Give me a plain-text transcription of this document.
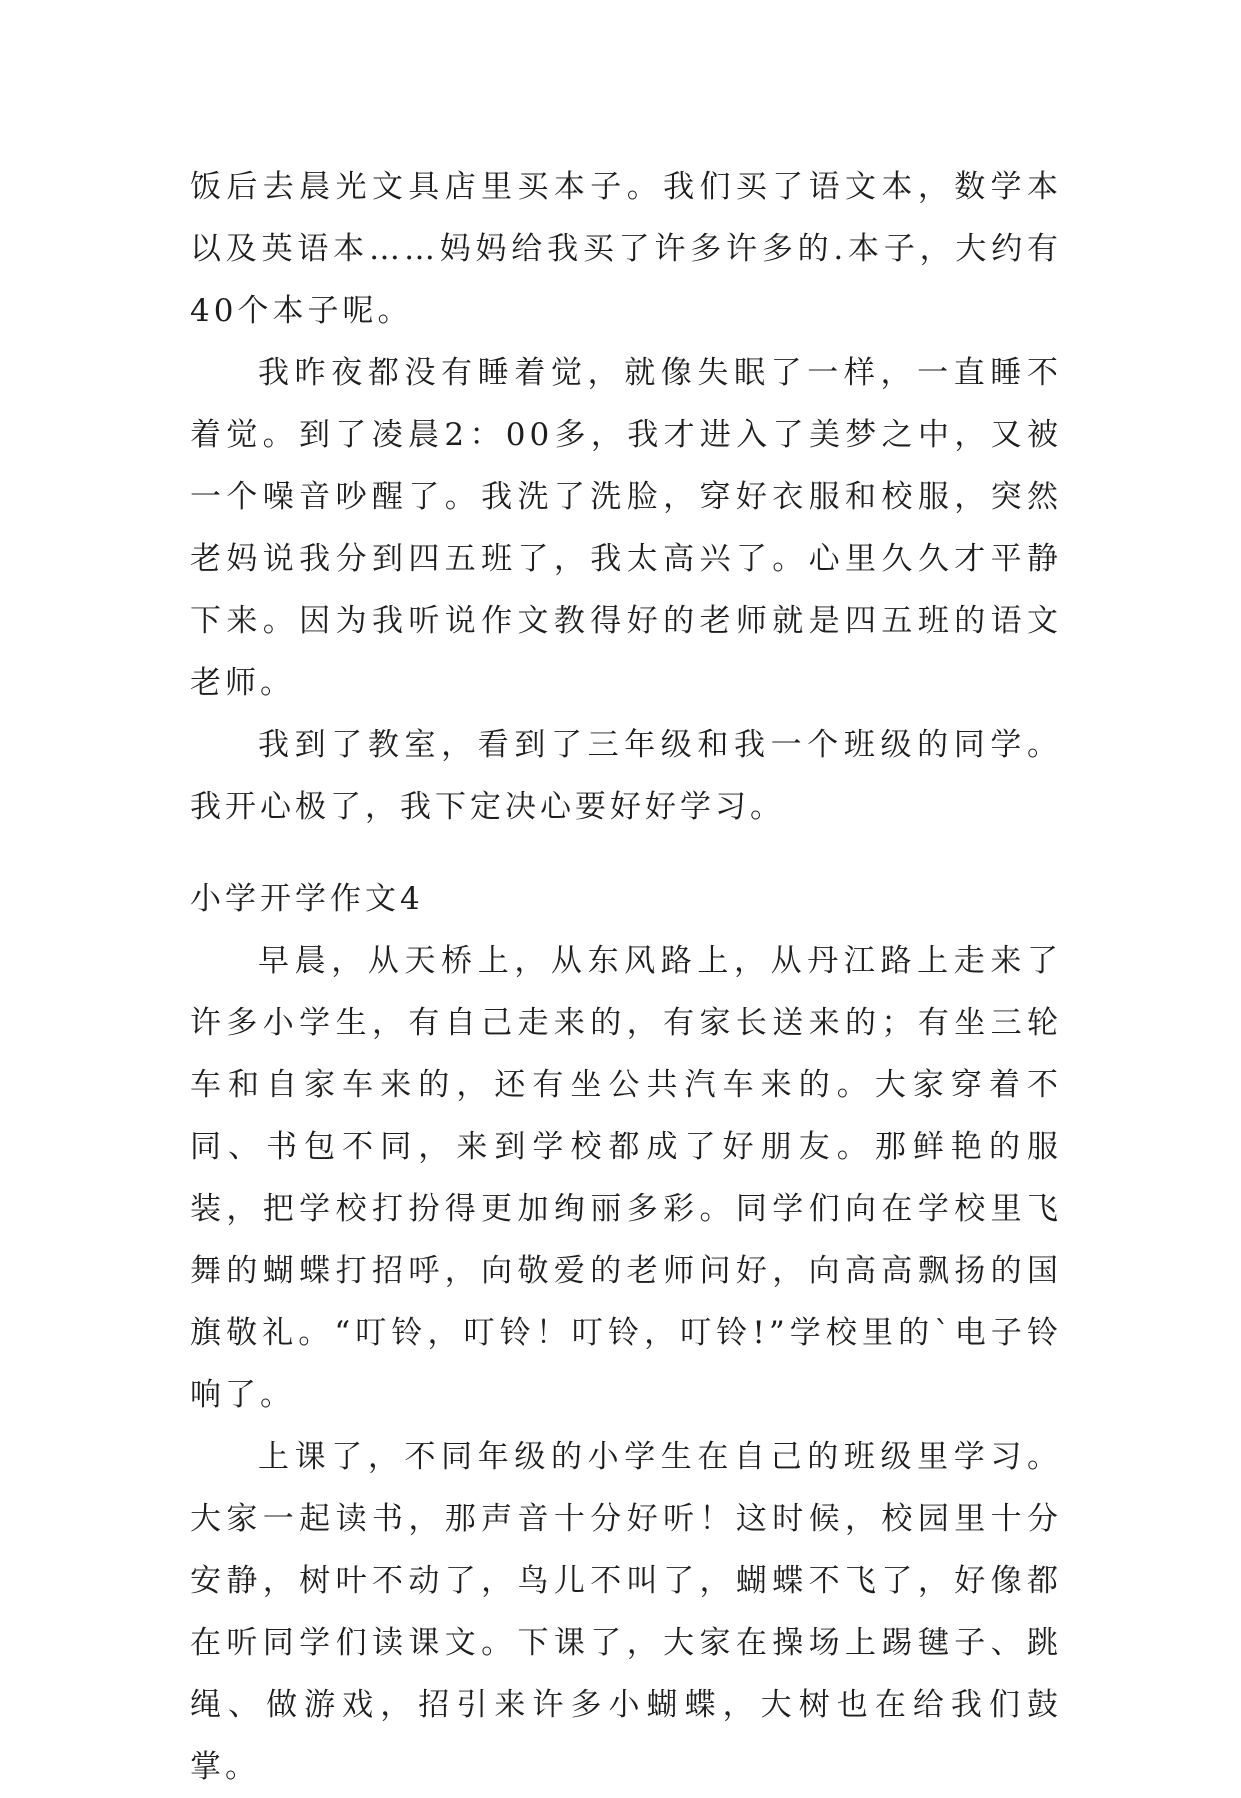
饭后去晨光文具店里买本子。我们买了语文本，数学本以及英语本……妈妈给我买了许多许多的.本子，大约有40个本子呢。

我昨夜都没有睡着觉，就像失眠了一样，一直睡不着觉。到了凌晨2：00多，我才进入了美梦之中，又被一个噪音吵醒了。我洗了洗脸，穿好衣服和校服，突然老妈说我分到四五班了，我太高兴了。心里久久才平静下来。因为我听说作文教得好的老师就是四五班的语文老师。

我到了教室，看到了三年级和我一个班级的同学。我开心极了，我下定决心要好好学习。

小学开学作文4

早晨，从天桥上，从东风路上，从丹江路上走来了许多小学生，有自己走来的，有家长送来的；有坐三轮车和自家车来的，还有坐公共汽车来的。大家穿着不同、书包不同，来到学校都成了好朋友。那鲜艳的服装，把学校打扮得更加绚丽多彩。同学们向在学校里飞舞的蝴蝶打招呼，向敬爱的老师问好，向高高飘扬的国旗敬礼。“叮铃，叮铃！叮铃，叮铃!”学校里的`电子铃响了。

上课了，不同年级的小学生在自己的班级里学习。大家一起读书，那声音十分好听！这时候，校园里十分安静，树叶不动了，鸟儿不叫了，蝴蝶不飞了，好像都在听同学们读课文。下课了，大家在操场上踢毽子、跳绳、做游戏，招引来许多小蝴蝶，大树也在给我们鼓掌。
